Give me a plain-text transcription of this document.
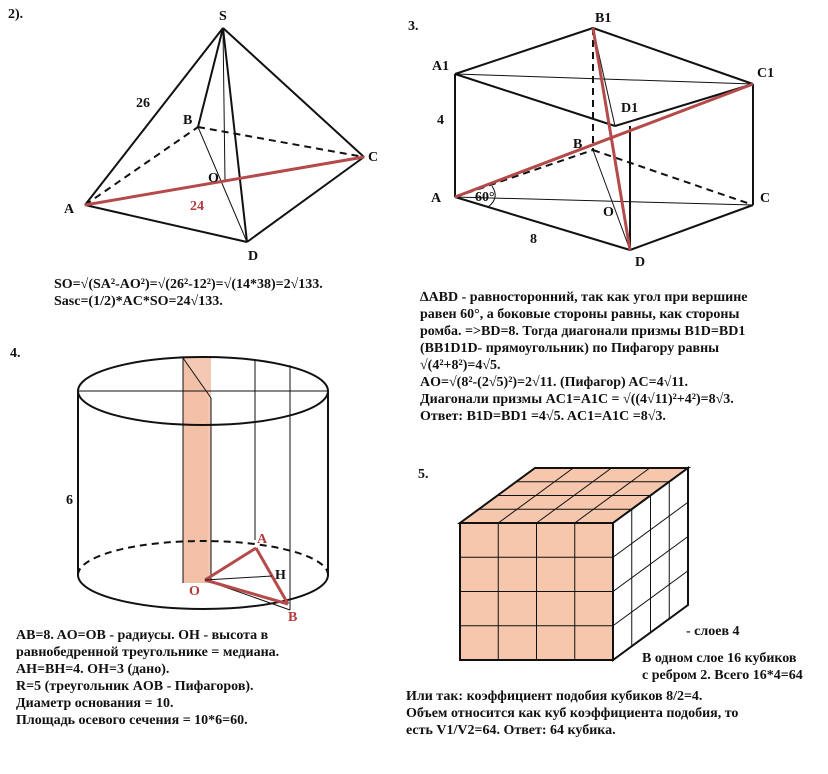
2).	S
A
B
C
D
O
26
24
3.
B1
A1	C1
D1
B
A	C
D
O
4
8
60°
4.
A
B
O
H
6
5.
- слоев 4
SO=√(SA²-AO²)=√(26²-12²)=√(14*38)=2√133.
Sasc=(1/2)*AC*SO=24√133.	∆ABD - равносторонний, так как угол при вершине
равен 60°, а боковые стороны равны, как стороны
ромба. =>BD=8. Тогда диагонали призмы B1D=BD1
(BB1D1D- прямоугольник) по Пифагору равны
√(4²+8²)=4√5.
AO=√(8²-(2√5)²)=2√11. (Пифагор) AC=4√11.
Диагонали призмы AC1=A1C = √((4√11)²+4²)=8√3.
Ответ: B1D=BD1 =4√5. AC1=A1C =8√3.
AB=8. AO=OB - радиусы. OH - высота в
равнобедренной треугольнике = медиана.
AH=BH=4. OH=3 (дано).
R=5 (треугольник AOB - Пифагоров).
Диаметр основания = 10.
Площадь осевого сечения = 10*6=60.
В одном слое 16 кубиков
с ребром 2. Всего 16*4=64
Или так: коэффициент подобия кубиков 8/2=4.
Объем относится как куб коэффициента подобия, то
есть V1/V2=64. Ответ: 64 кубика.
